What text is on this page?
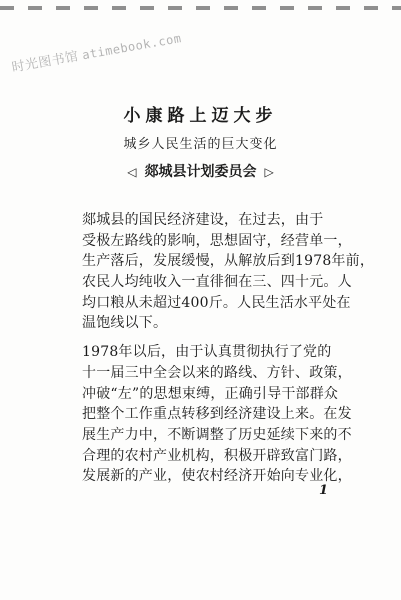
时光图书馆atimebook.com
小康路上迈大步
城乡人民生活的巨大变化
◁ 郯城县计划委员会 ▷
郯城县的国民经济建设，在过去，由于
受极左路线的影响，思想固守，经营单一，
生产落后，发展缓慢，从解放后到1978年前，
农民人均纯收入一直徘徊在三、四十元。人
均口粮从未超过400斤。人民生活水平处在
温饱线以下。
1978年以后，由于认真贯彻执行了党的
十一届三中全会以来的路线、方针、政策，
冲破“左”的思想束缚，正确引导干部群众
把整个工作重点转移到经济建设上来。在发
展生产力中，不断调整了历史延续下来的不
合理的农村产业机构，积极开辟致富门路，
发展新的产业，使农村经济开始向专业化，
1
